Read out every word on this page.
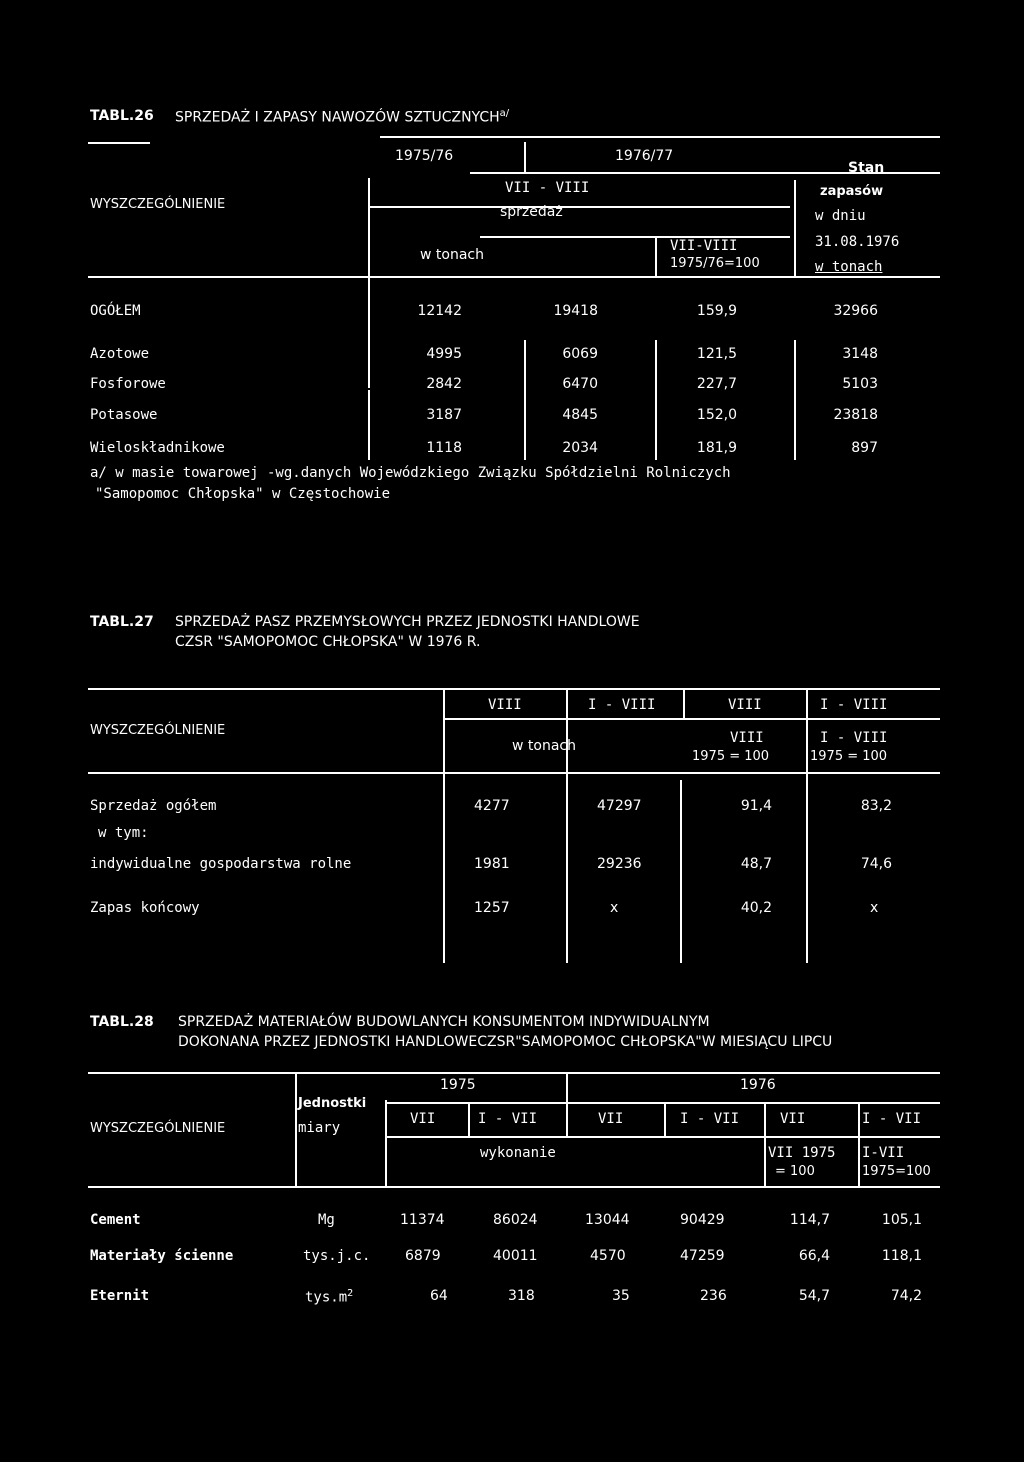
TABL.26 SPRZEDAŻ I ZAPASY NAWOZÓW $SZTUCZNYCH^{a/}$
WYSZCZEGÓLNIENIE
1975/76	1976/77
VII - VIII
sprzedaż
w tonach
VII-VIII
1975/76=100
Stan
zapasów
w dniu
31.08.1976
w tonach
OGÓŁEM	12142	19418	159,9	32966
Azotowe	4995	6069	121,5	3148
Fosforowe	2842	6470	227,7	5103
Potasowe	3187	4845	152,0	23818
Wieloskładnikowe	1118	2034	181,9	897
a/ w masie towarowej -wg.danych Wojewódzkiego Związku Spółdzielni Rolniczych
"Samopomoc Chłopska" w Częstochowie
TABL.27 SPRZEDAŻ PASZ PRZEMYSŁOWYCH PRZEZ JEDNOSTKI HANDLOWE
CZSR "SAMOPOMOC CHŁOPSKA" W 1976 R.
WYSZCZEGÓLNIENIE
VIII	I - VIII	VIII	I - VIII
w tonach	VIII
1975 = 100
I - VIII
1975 = 100
Sprzedaż ogółem	4277	47297	91,4	83,2
w tym:
indywidualne gospodarstwa rolne	1981	29236	48,7	74,6
Zapas końcowy	1257	x	40,2	x
TABL.28 SPRZEDAŻ MATERIAŁÓW BUDOWLANYCH KONSUMENTOM INDYWIDUALNYM
DOKONANA PRZEZ JEDNOSTKI HANDLOWECZSR"SAMOPOMOC CHŁOPSKA"W MIESIĄCU LIPCU
WYSZCZEGÓLNIENIE
Jednostki
miary
1975	1976
VII	I - VII	VII	I - VII	VII	I - VII
wykonanie	VII 1975
= 100
I-VII
1975=100
Cement	Mg	11374	86024	13044	90429	114,7	105,1
Materiały ścienne	tys.j.c. 6879	40011	4570	47259	66,4	118,1
Eternit	$tys.m^2$	64	318	35	236	54,7	74,2
